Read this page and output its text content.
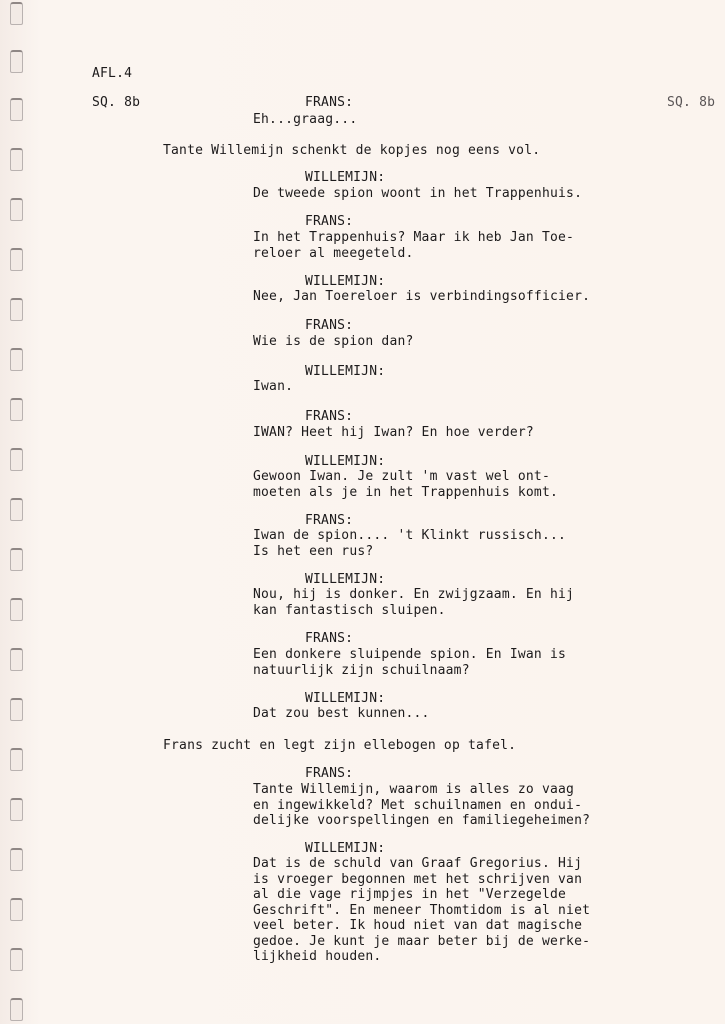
AFL.4
SQ. 8b	SQ. 8b
FRANS:
Eh...graag...
Tante Willemijn schenkt de kopjes nog eens vol.
WILLEMIJN:
De tweede spion woont in het Trappenhuis.
FRANS:
In het Trappenhuis? Maar ik heb Jan Toe-
reloer al meegeteld.
WILLEMIJN:
Nee, Jan Toereloer is verbindingsofficier.
FRANS:
Wie is de spion dan?
WILLEMIJN:
Iwan.
FRANS:
IWAN? Heet hij Iwan? En hoe verder?
WILLEMIJN:
Gewoon Iwan. Je zult 'm vast wel ont-
moeten als je in het Trappenhuis komt.
FRANS:
Iwan de spion.... 't Klinkt russisch...
Is het een rus?
WILLEMIJN:
Nou, hij is donker. En zwijgzaam. En hij
kan fantastisch sluipen.
FRANS:
Een donkere sluipende spion. En Iwan is
natuurlijk zijn schuilnaam?
WILLEMIJN:
Dat zou best kunnen...
Frans zucht en legt zijn ellebogen op tafel.
FRANS:
Tante Willemijn, waarom is alles zo vaag
en ingewikkeld? Met schuilnamen en ondui-
delijke voorspellingen en familiegeheimen?
WILLEMIJN:
Dat is de schuld van Graaf Gregorius. Hij
is vroeger begonnen met het schrijven van
al die vage rijmpjes in het "Verzegelde
Geschrift". En meneer Thomtidom is al niet
veel beter. Ik houd niet van dat magische
gedoe. Je kunt je maar beter bij de werke-
lijkheid houden.
